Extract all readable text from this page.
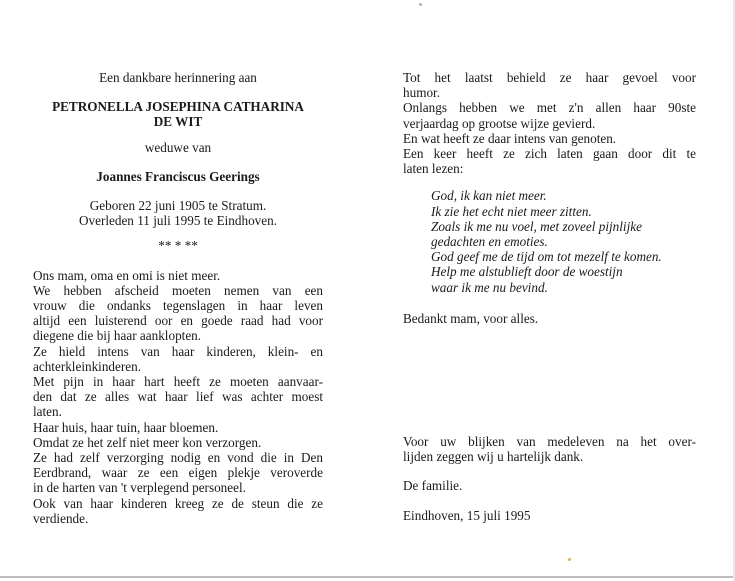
Een dankbare herinnering aan
PETRONELLA JOSEPHINA CATHARINA
DE WIT
weduwe van
Joannes Franciscus Geerings
Geboren 22 juni 1905 te Stratum.
Overleden 11 juli 1995 te Eindhoven.
** * **
Ons mam, oma en omi is niet meer.
We hebben afscheid moeten nemen van een
vrouw die ondanks tegenslagen in haar leven
altijd een luisterend oor en goede raad had voor
diegene die bij haar aanklopten.
Ze hield intens van haar kinderen, klein- en
achterkleinkinderen.
Met pijn in haar hart heeft ze moeten aanvaar-
den dat ze alles wat haar lief was achter moest
laten.
Haar huis, haar tuin, haar bloemen.
Omdat ze het zelf niet meer kon verzorgen.
Ze had zelf verzorging nodig en vond die in Den
Eerdbrand, waar ze een eigen plekje veroverde
in de harten van 't verplegend personeel.
Ook van haar kinderen kreeg ze de steun die ze
verdiende.
Tot het laatst behield ze haar gevoel voor
humor.
Onlangs hebben we met z'n allen haar 90ste
verjaardag op grootse wijze gevierd.
En wat heeft ze daar intens van genoten.
Een keer heeft ze zich laten gaan door dit te
laten lezen:
God, ik kan niet meer.
Ik zie het echt niet meer zitten.
Zoals ik me nu voel, met zoveel pijnlijke
gedachten en emoties.
God geef me de tijd om tot mezelf te komen.
Help me alstublieft door de woestijn
waar ik me nu bevind.
Bedankt mam, voor alles.
Voor uw blijken van medeleven na het over-
lijden zeggen wij u hartelijk dank.
De familie.
Eindhoven, 15 juli 1995
